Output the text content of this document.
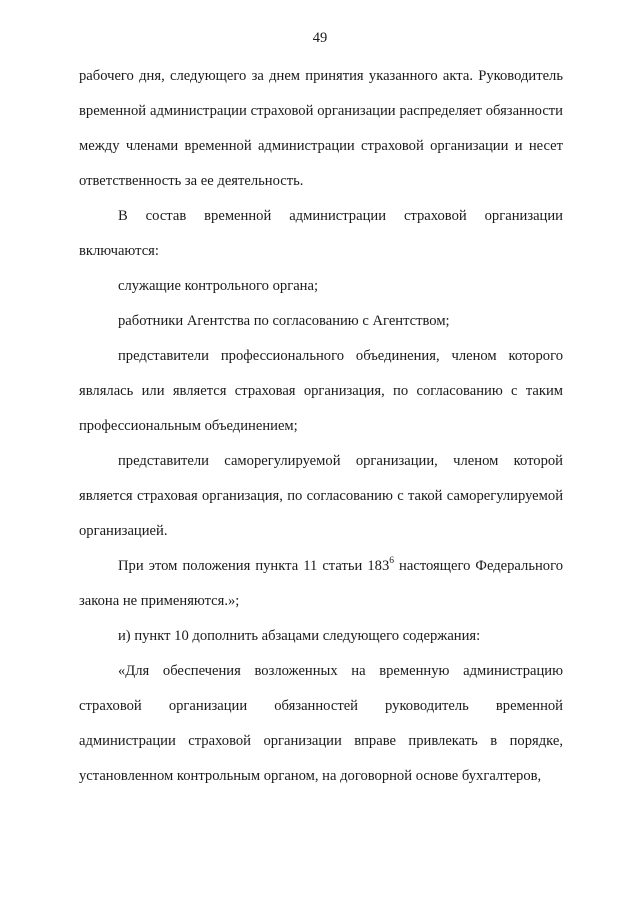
49

рабочего дня, следующего за днем принятия указанного акта. Руководитель временной администрации страховой организации распределяет обязанности между членами временной администрации страховой организации и несет ответственность за ее деятельность.

В состав временной администрации страховой организации включаются:

служащие контрольного органа;

работники Агентства по согласованию с Агентством;

представители профессионального объединения, членом которого являлась или является страховая организация, по согласованию с таким профессиональным объединением;

представители саморегулируемой организации, членом которой является страховая организация, по согласованию с такой саморегулируемой организацией.

При этом положения пункта 11 статьи $183^6$ настоящего Федерального закона не применяются.»;

и) пункт 10 дополнить абзацами следующего содержания:

«Для обеспечения возложенных на временную администрацию страховой организации обязанностей руководитель временной администрации страховой организации вправе привлекать в порядке, установленном контрольным органом, на договорной основе бухгалтеров,
